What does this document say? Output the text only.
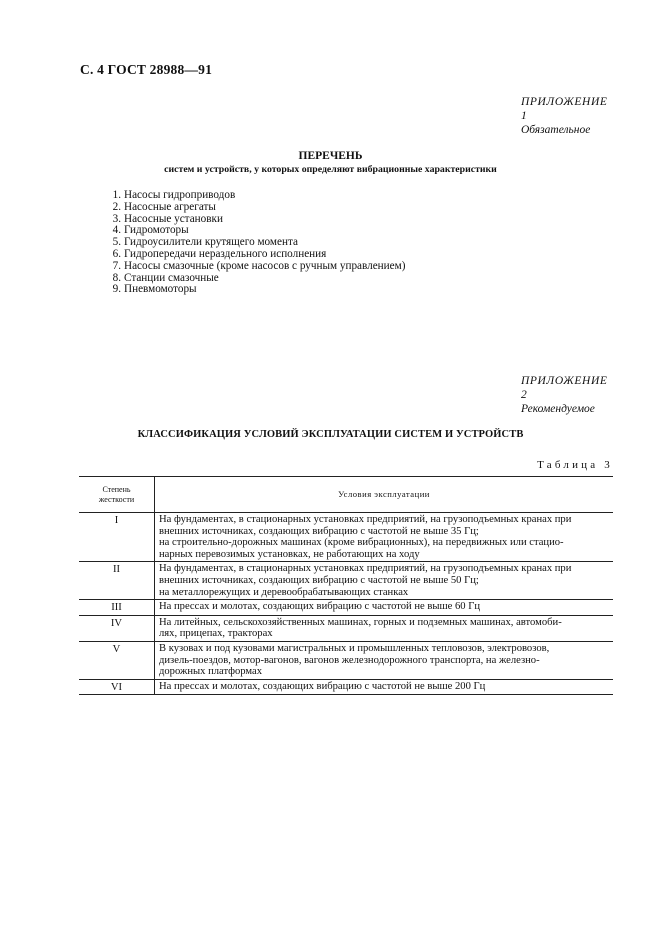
С. 4 ГОСТ 28988—91
ПРИЛОЖЕНИЕ 1
Обязательное
ПЕРЕЧЕНЬ
систем и устройств, у которых определяют вибрационные характеристики
1. Насосы гидроприводов
2. Насосные агрегаты
3. Насосные установки
4. Гидромоторы
5. Гидроусилители крутящего момента
6. Гидропередачи нераздельного исполнения
7. Насосы смазочные (кроме насосов с ручным управлением)
8. Станции смазочные
9. Пневмомоторы
ПРИЛОЖЕНИЕ 2
Рекомендуемое
КЛАССИФИКАЦИЯ УСЛОВИЙ ЭКСПЛУАТАЦИИ СИСТЕМ И УСТРОЙСТВ
Таблица 3
Степень
жесткости	Условия эксплуатации
I	На фундаментах, в стационарных установках предприятий, на грузоподъемных кранах при
внешних источниках, создающих вибрацию с частотой не выше 35 Гц;
на строительно-дорожных машинах (кроме вибрационных), на передвижных или стацио-
нарных перевозимых установках, не работающих на ходу

II	На фундаментах, в стационарных установках предприятий, на грузоподъемных кранах при
внешних источниках, создающих вибрацию с частотой не выше 50 Гц;
на металлорежущих и деревообрабатывающих станках

III	На прессах и молотах, создающих вибрацию с частотой не выше 60 Гц

IV	На литейных, сельскохозяйственных машинах, горных и подземных машинах, автомоби-
лях, прицепах, тракторах

V	В кузовах и под кузовами магистральных и промышленных тепловозов, электровозов,
дизель-поездов, мотор-вагонов, вагонов железнодорожного транспорта, на железно-
дорожных платформах

VI	На прессах и молотах, создающих вибрацию с частотой не выше 200 Гц
